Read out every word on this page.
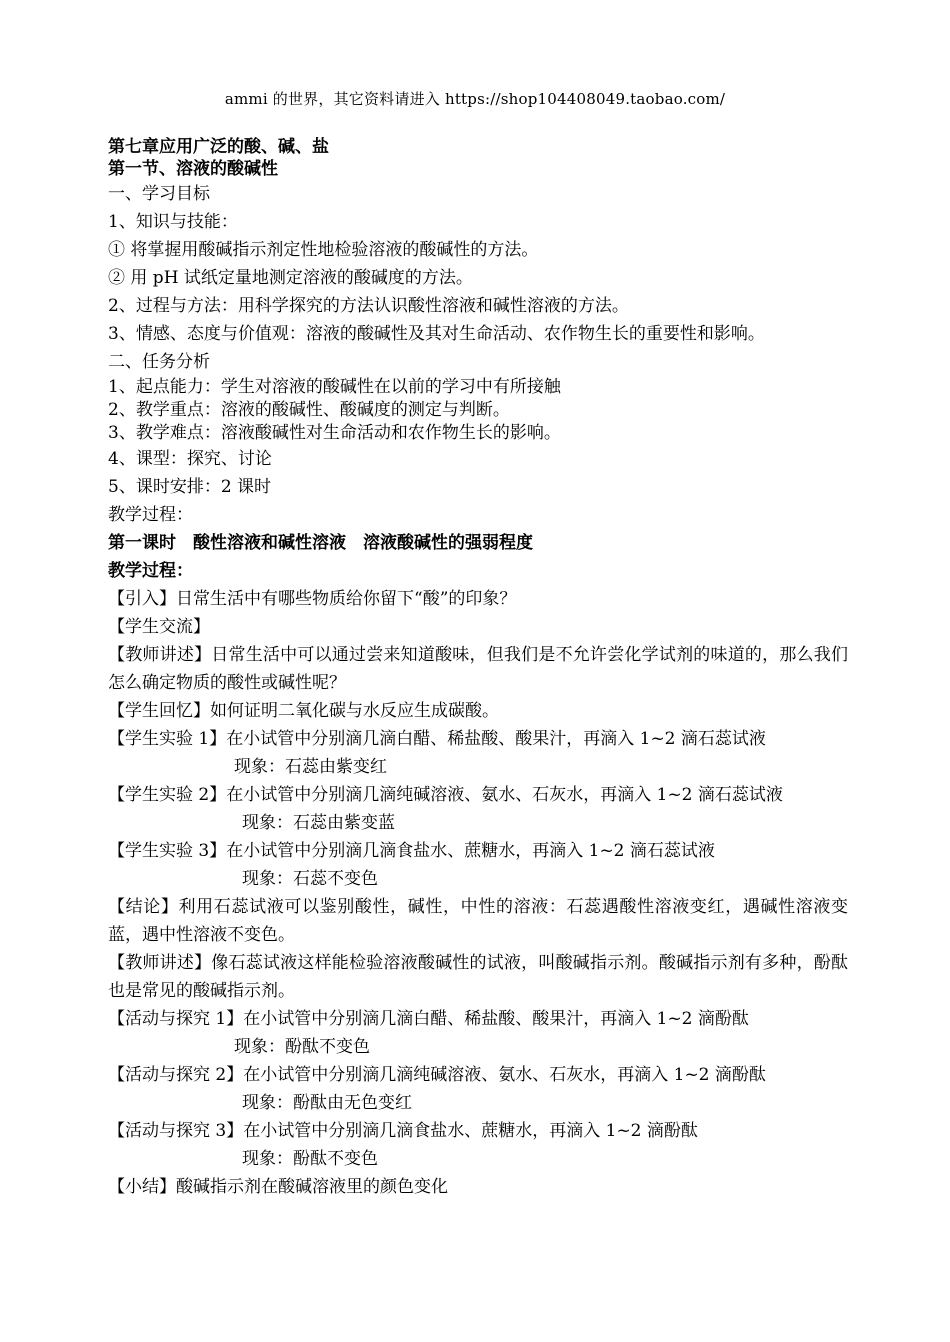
ammi 的世界，其它资料请进入 https://shop104408049.taobao.com/
第七章应用广泛的酸、碱、盐
第一节、溶液的酸碱性
一、学习目标
1、知识与技能：
① 将掌握用酸碱指示剂定性地检验溶液的酸碱性的方法。
② 用 pH 试纸定量地测定溶液的酸碱度的方法。
2、过程与方法：用科学探究的方法认识酸性溶液和碱性溶液的方法。
3、情感、态度与价值观：溶液的酸碱性及其对生命活动、农作物生长的重要性和影响。
二、任务分析
1、起点能力：学生对溶液的酸碱性在以前的学习中有所接触
2、教学重点：溶液的酸碱性、酸碱度的测定与判断。
3、教学难点：溶液酸碱性对生命活动和农作物生长的影响。
4、课型：探究、讨论
5、课时安排：2 课时
教学过程：
第一课时　酸性溶液和碱性溶液　溶液酸碱性的强弱程度
教学过程：
【引入】日常生活中有哪些物质给你留下“酸”的印象？
【学生交流】
【教师讲述】日常生活中可以通过尝来知道酸味，但我们是不允许尝化学试剂的味道的，那么我们怎么确定物质的酸性或碱性呢？
【学生回忆】如何证明二氧化碳与水反应生成碳酸。
【学生实验 1】在小试管中分别滴几滴白醋、稀盐酸、酸果汁，再滴入 1~2 滴石蕊试液
现象：石蕊由紫变红
【学生实验 2】在小试管中分别滴几滴纯碱溶液、氨水、石灰水，再滴入 1~2 滴石蕊试液
现象：石蕊由紫变蓝
【学生实验 3】在小试管中分别滴几滴食盐水、蔗糖水，再滴入 1~2 滴石蕊试液
现象：石蕊不变色
【结论】利用石蕊试液可以鉴别酸性，碱性，中性的溶液：石蕊遇酸性溶液变红，遇碱性溶液变蓝，遇中性溶液不变色。
【教师讲述】像石蕊试液这样能检验溶液酸碱性的试液，叫酸碱指示剂。酸碱指示剂有多种，酚酞也是常见的酸碱指示剂。
【活动与探究 1】在小试管中分别滴几滴白醋、稀盐酸、酸果汁，再滴入 1~2 滴酚酞
现象：酚酞不变色
【活动与探究 2】在小试管中分别滴几滴纯碱溶液、氨水、石灰水，再滴入 1~2 滴酚酞
现象：酚酞由无色变红
【活动与探究 3】在小试管中分别滴几滴食盐水、蔗糖水，再滴入 1~2 滴酚酞
现象：酚酞不变色
【小结】酸碱指示剂在酸碱溶液里的颜色变化
